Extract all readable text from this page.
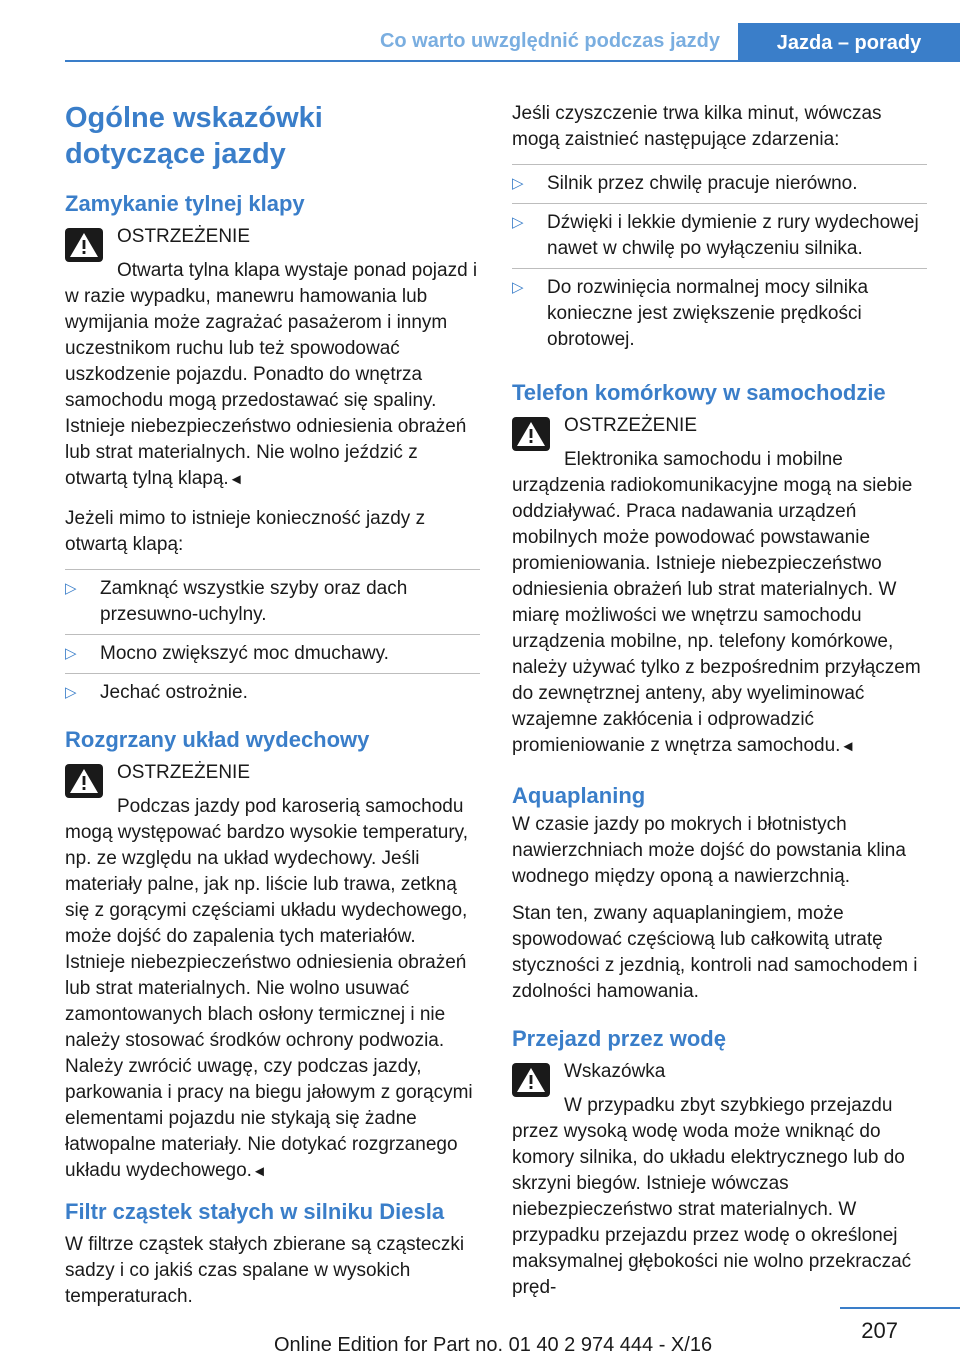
Co warto uwzględnić podczas jazdy	Jazda – porady
Ogólne wskazówki
dotyczące jazdy
Zamykanie tylnej klapy
OSTRZEŻENIE
Otwarta tylna klapa wystaje ponad pojazd i w razie wypadku, manewru hamowania lub wymijania może zagrażać pasażerom i innym uczestnikom ruchu lub też spowodować uszkodzenie pojazdu. Ponadto do wnętrza samochodu mogą przedostawać się spaliny. Istnieje niebezpieczeństwo odniesienia obrażeń lub strat materialnych. Nie wolno jeździć z otwartą tylną klapą.◄

Jeżeli mimo to istnieje konieczność jazdy z otwartą klapą:

▷ Zamknąć wszystkie szyby oraz dach przesuwno-uchylny.
▷ Mocno zwiększyć moc dmuchawy.
▷ Jechać ostrożnie.
Rozgrzany układ wydechowy
OSTRZEŻENIE
Podczas jazdy pod karoserią samochodu mogą występować bardzo wysokie temperatury, np. ze względu na układ wydechowy. Jeśli materiały palne, jak np. liście lub trawa, zetkną się z gorącymi częściami układu wydechowego, może dojść do zapalenia tych materiałów. Istnieje niebezpieczeństwo odniesienia obrażeń lub strat materialnych. Nie wolno usuwać zamontowanych blach osłony termicznej i nie należy stosować środków ochrony podwozia. Należy zwrócić uwagę, czy podczas jazdy, parkowania i pracy na biegu jałowym z gorącymi elementami pojazdu nie stykają się żadne łatwopalne materiały. Nie dotykać rozgrzanego układu wydechowego.◄
Filtr cząstek stałych w silniku Diesla

W filtrze cząstek stałych zbierane są cząsteczki sadzy i co jakiś czas spalane w wysokich temperaturach.

Jeśli czyszczenie trwa kilka minut, wówczas mogą zaistnieć następujące zdarzenia:

▷ Silnik przez chwilę pracuje nierówno.
▷ Dźwięki i lekkie dymienie z rury wydechowej nawet w chwilę po wyłączeniu silnika.
▷ Do rozwinięcia normalnej mocy silnika konieczne jest zwiększenie prędkości obrotowej.
Telefon komórkowy w samochodzie
OSTRZEŻENIE
Elektronika samochodu i mobilne urządzenia radiokomunikacyjne mogą na siebie oddziaływać. Praca nadawania urządzeń mobilnych może powodować powstawanie promieniowania. Istnieje niebezpieczeństwo odniesienia obrażeń lub strat materialnych. W miarę możliwości we wnętrzu samochodu urządzenia mobilne, np. telefony komórkowe, należy używać tylko z bezpośrednim przyłączem do zewnętrznej anteny, aby wyeliminować wzajemne zakłócenia i odprowadzić promieniowanie z wnętrza samochodu.◄
Aquaplaning

W czasie jazdy po mokrych i błotnistych nawierzchniach może dojść do powstania klina wodnego między oponą a nawierzchnią.

Stan ten, zwany aquaplaningiem, może spowodować częściową lub całkowitą utratę styczności z jezdnią, kontroli nad samochodem i zdolności hamowania.

Przejazd przez wodę
Wskazówka
W przypadku zbyt szybkiego przejazdu przez wysoką wodę woda może wniknąć do komory silnika, do układu elektrycznego lub do skrzyni biegów. Istnieje wówczas niebezpieczeństwo strat materialnych. W przypadku przejazdu przez wodę o określonej maksymalnej głębokości nie wolno przekraczać pręd-
207
Online Edition for Part no. 01 40 2 974 444 - X/16
